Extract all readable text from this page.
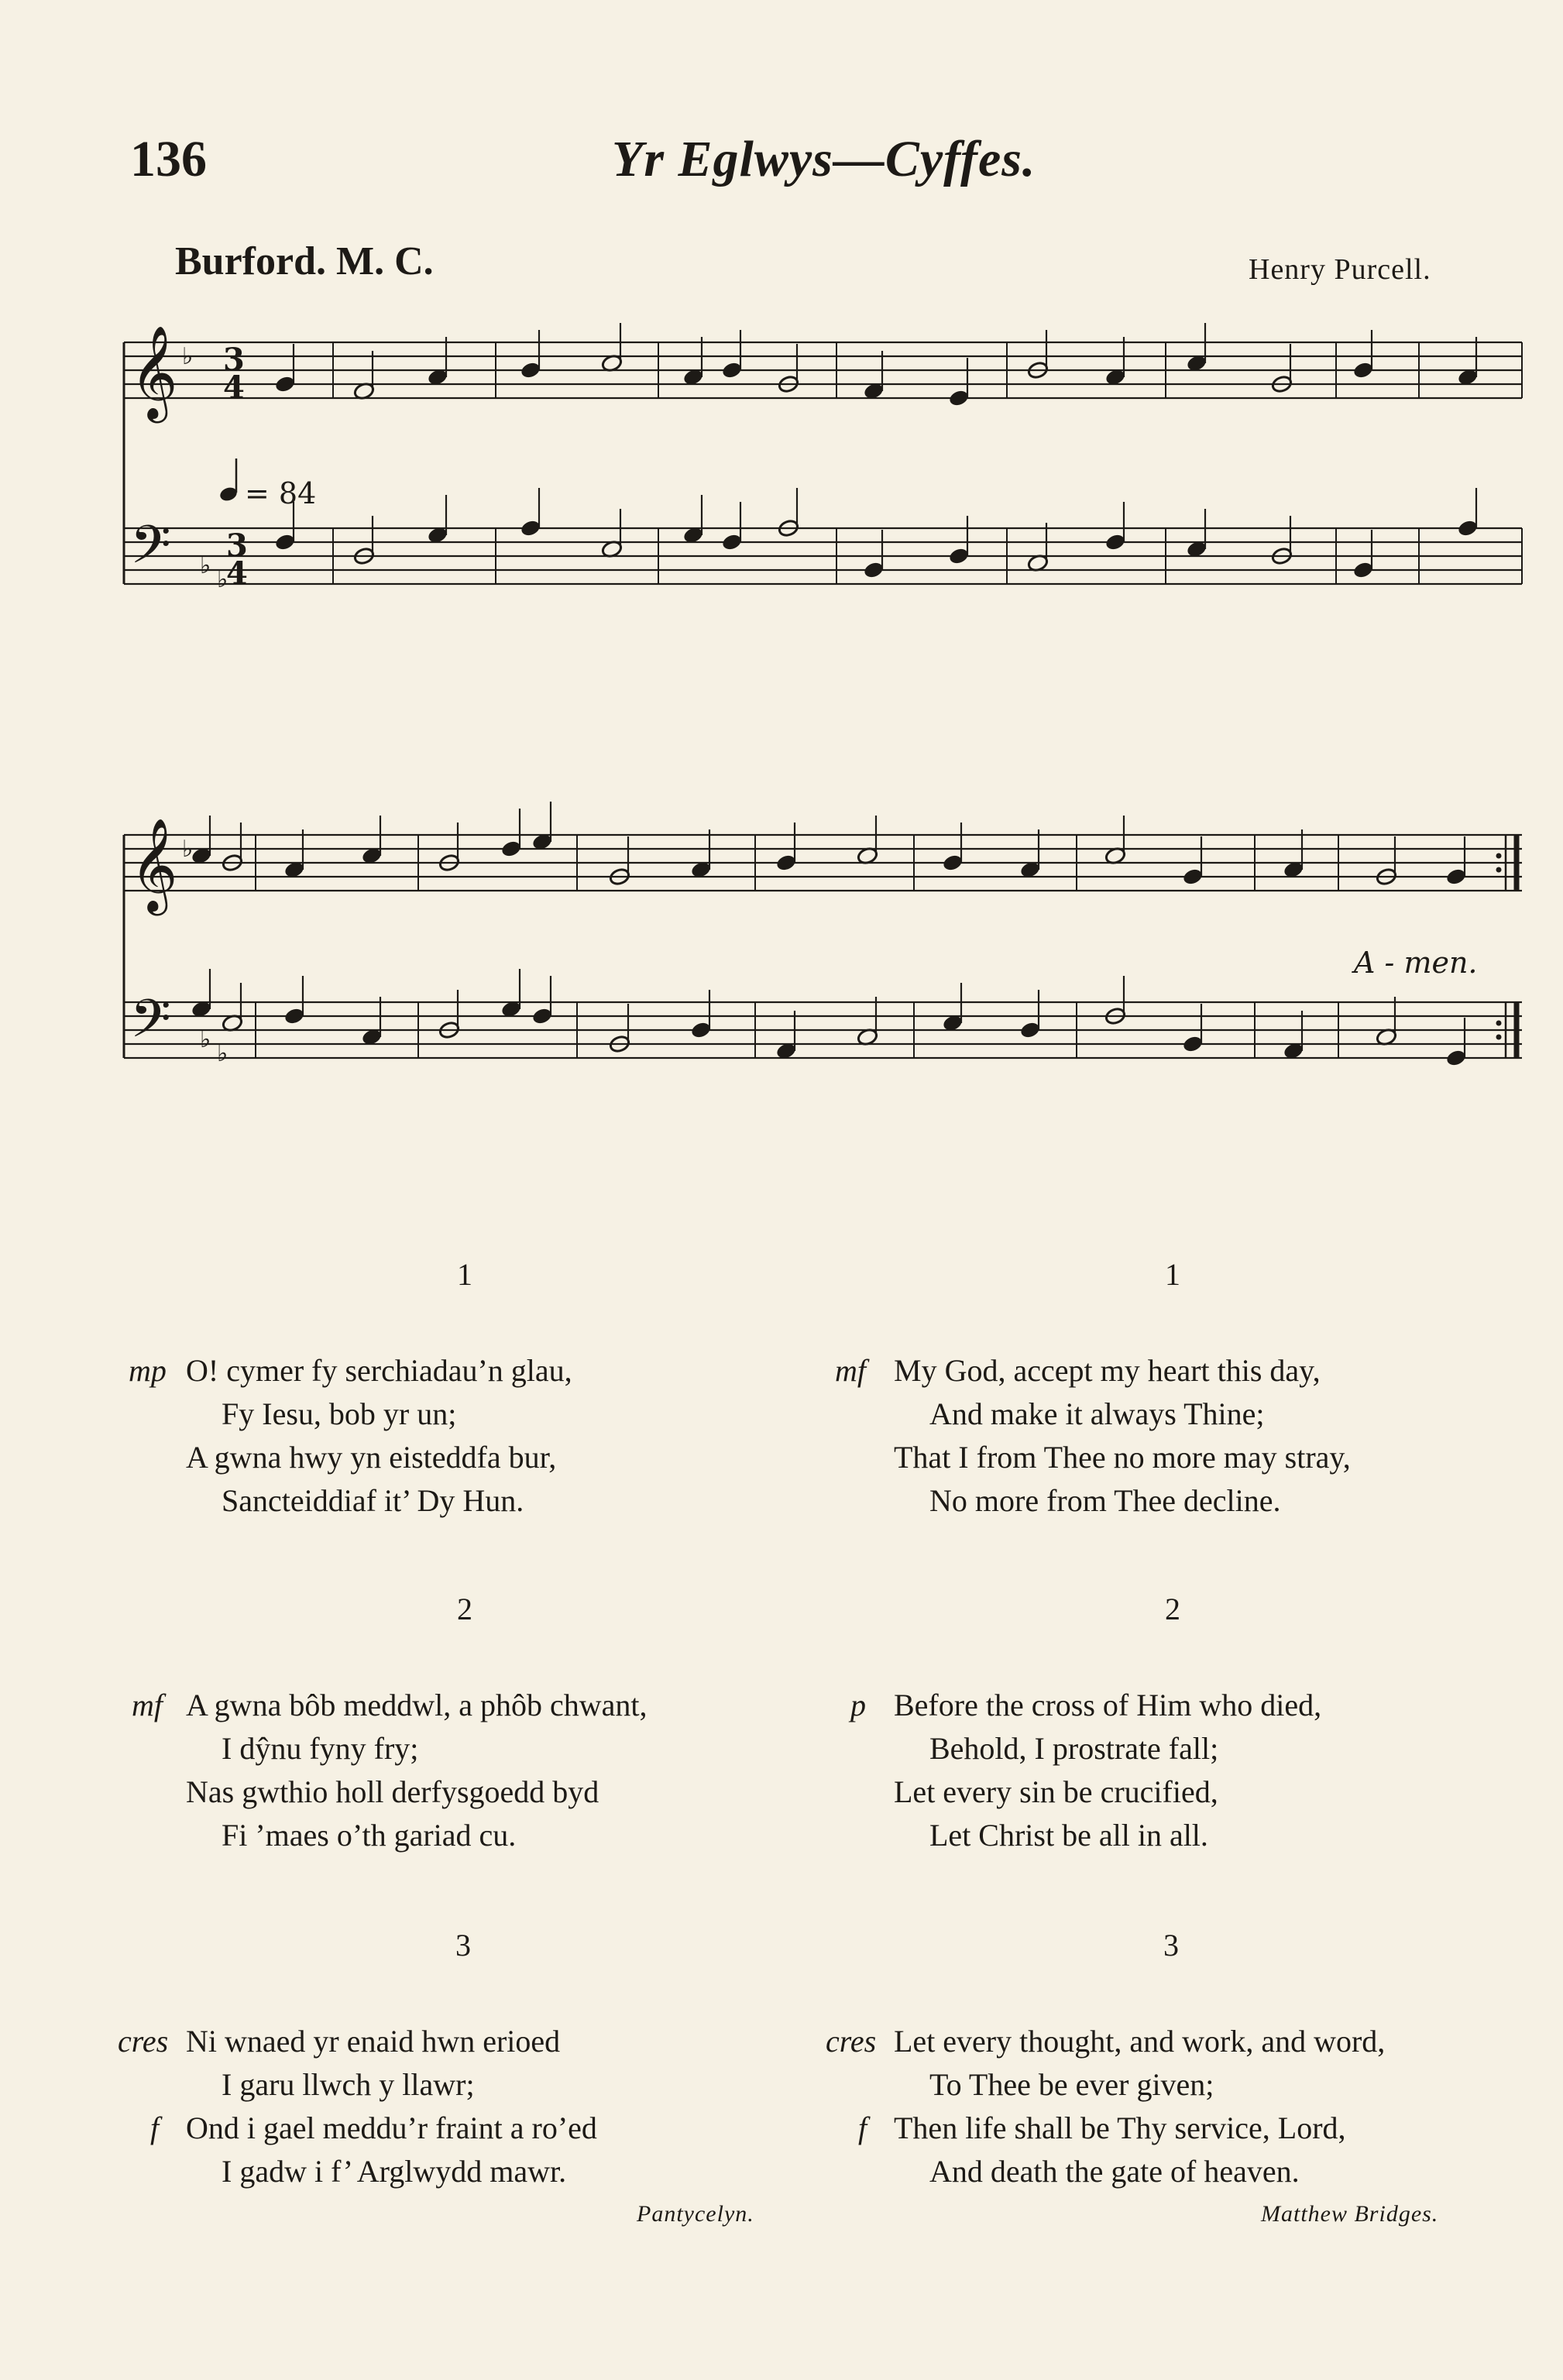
136	Yr Eglwys—Cyffes.
Burford. M. C.	Henry Purcell.
𝄞
𝄢
♭
♭
♭
3
4
3
4
= 84
𝄞
𝄢
♭
♭
♭
A - men.
1	1
2	2
3	3
mp O! cymer fy serchiadau’n glau,
Fy Iesu, bob yr un;
A gwna hwy yn eisteddfa bur,
Sancteiddiaf it’ Dy Hun.
mf My God, accept my heart this day,
And make it always Thine;
That I from Thee no more may stray,
No more from Thee decline.
mf A gwna bôb meddwl, a phôb chwant,
I dŷnu fyny fry;
Nas gwthio holl derfysgoedd byd
Fi ’maes o’th gariad cu.
p Before the cross of Him who died,
Behold, I prostrate fall;
Let every sin be crucified,
Let Christ be all in all.
cres Ni wnaed yr enaid hwn erioed
I garu llwch y llawr;
f Ond i gael meddu’r fraint a ro’ed
I gadw i f’ Arglwydd mawr.
cres Let every thought, and work, and word,
To Thee be ever given;
f Then life shall be Thy service, Lord,
And death the gate of heaven.
Pantycelyn.	Matthew Bridges.
